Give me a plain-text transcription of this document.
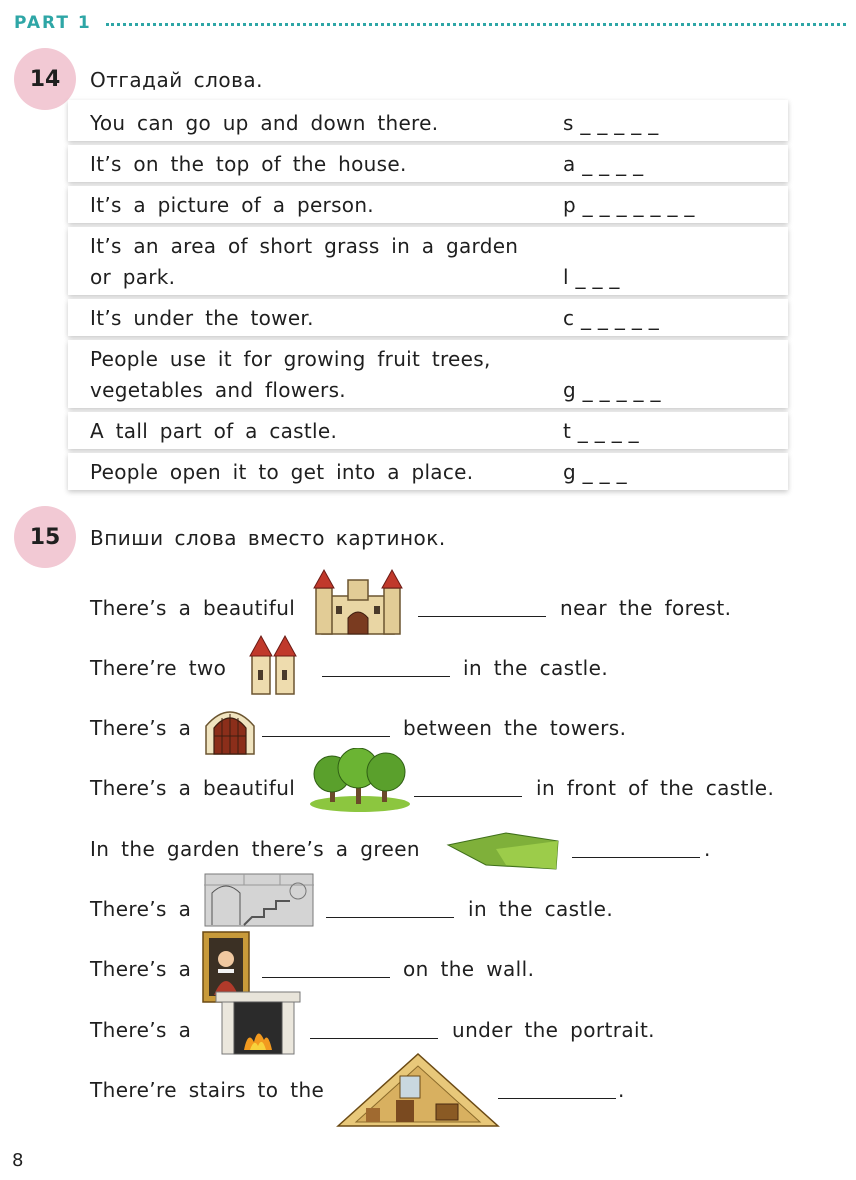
PART 1
14	Отгадай слова.
You can go up and down there.	s _ _ _ _ _
It’s on the top of the house.	a _ _ _ _
It’s a picture of a person.	p _ _ _ _ _ _ _
It’s an area of short grass in a garden or park.	l _ _ _
It’s under the tower.	c _ _ _ _ _
People use it for growing fruit trees, vegetables and flowers.	g _ _ _ _ _
A tall part of a castle.	t _ _ _ _
People open it to get into a place.	g _ _ _
15	Впиши слова вместо картинок.
There’s a beautiful	near the forest.
There’re two	in the castle.
There’s a	between the towers.
There’s a beautiful	in front of the castle.
In the garden there’s a green	.
There’s a	in the castle.
There’s a	on the wall.
There’s a	under the portrait.
There’re stairs to the	.
8
